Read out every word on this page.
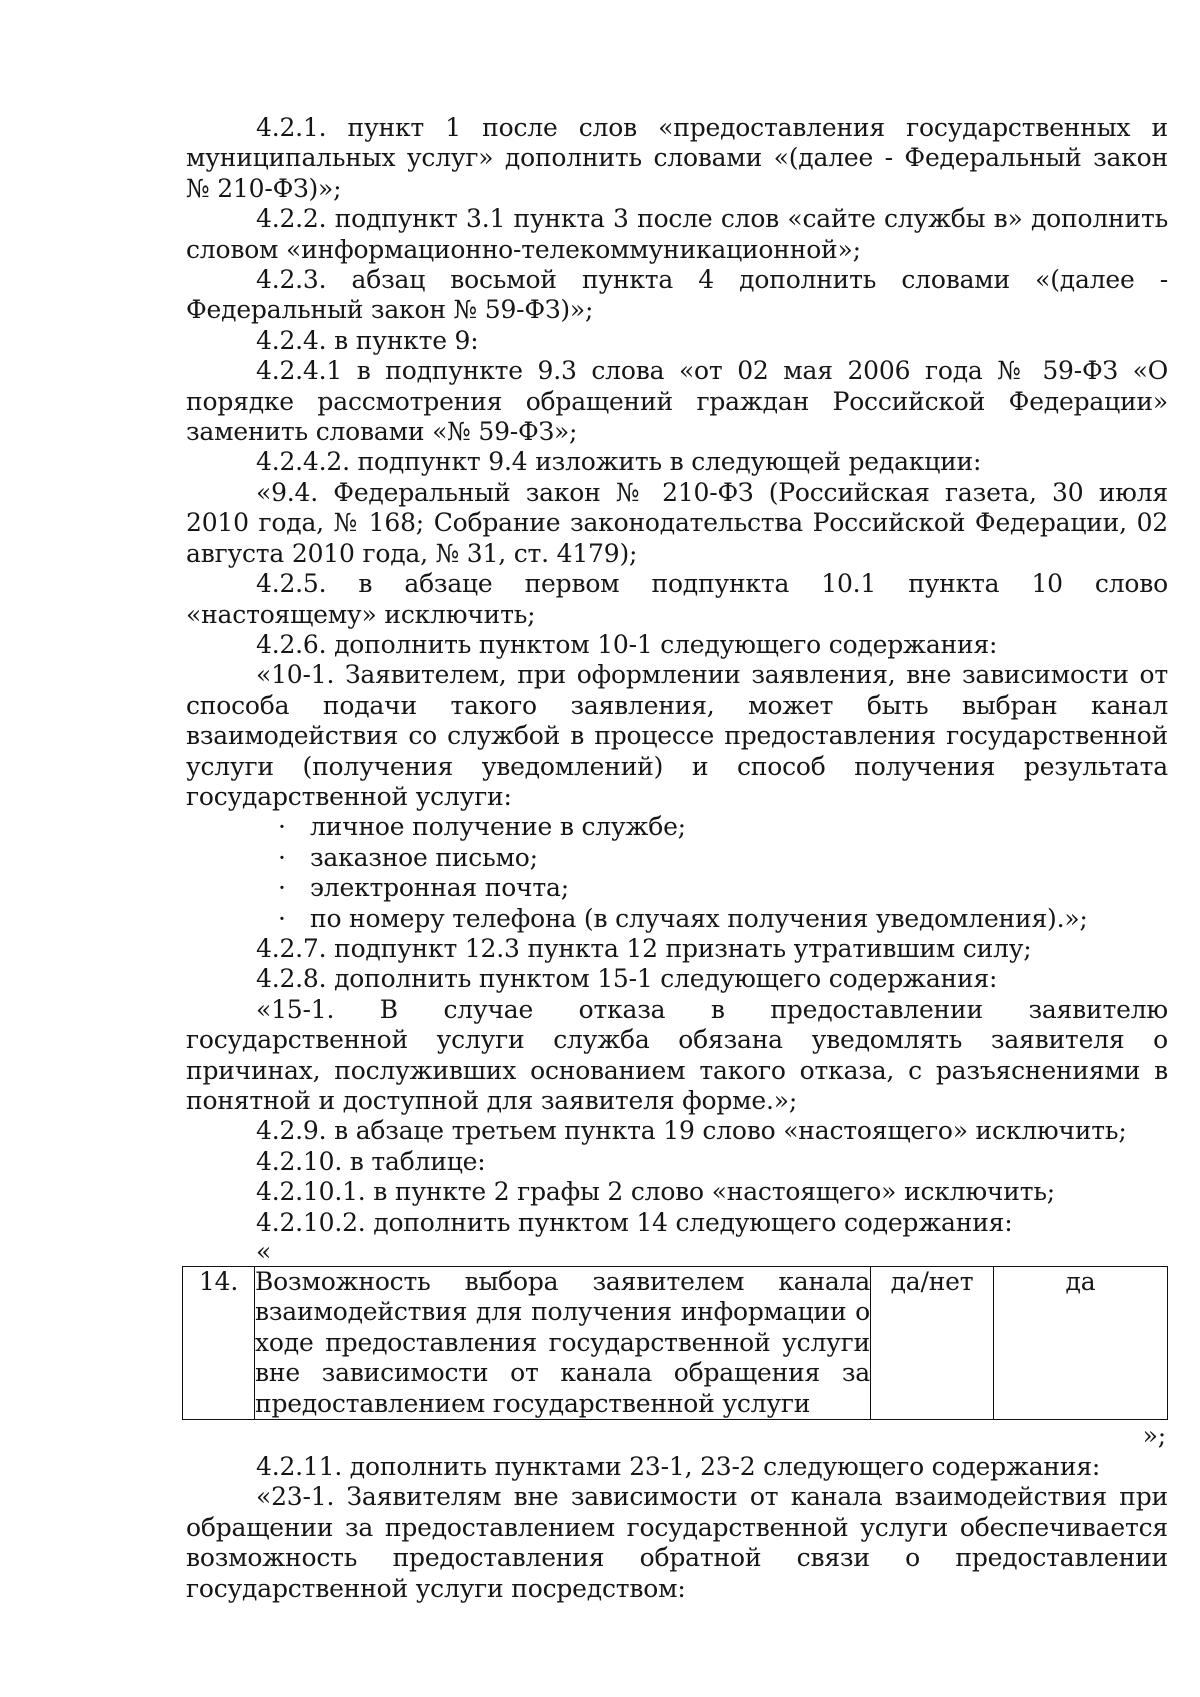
4.2.1. пункт 1 после слов «предоставления государственных и муниципальных услуг» дополнить словами «(далее - Федеральный закон № 210-ФЗ)»;

4.2.2. подпункт 3.1 пункта 3 после слов «сайте службы в» дополнить словом «информационно-телекоммуникационной»;

4.2.3. абзац восьмой пункта 4 дополнить словами «(далее - Федеральный закон № 59-ФЗ)»;

4.2.4. в пункте 9:

4.2.4.1 в подпункте 9.3 слова «от 02 мая 2006 года № 59-ФЗ «О порядке рассмотрения обращений граждан Российской Федерации» заменить словами «№ 59-ФЗ»;

4.2.4.2. подпункт 9.4 изложить в следующей редакции:

«9.4. Федеральный закон № 210-ФЗ (Российская газета, 30 июля 2010 года, № 168; Собрание законодательства Российской Федерации, 02 августа 2010 года, № 31, ст. 4179);

4.2.5. в абзаце первом подпункта 10.1 пункта 10 слово «настоящему» исключить;

4.2.6. дополнить пунктом 10-1 следующего содержания:

«10-1. Заявителем, при оформлении заявления, вне зависимости от способа подачи такого заявления, может быть выбран канал взаимодействия со службой в процессе предоставления государственной услуги (получения уведомлений) и способ получения результата государственной услуги:

· личное получение в службе;
· заказное письмо;
· электронная почта;
· по номеру телефона (в случаях получения уведомления).»;

4.2.7. подпункт 12.3 пункта 12 признать утратившим силу;

4.2.8. дополнить пунктом 15-1 следующего содержания:

«15-1. В случае отказа в предоставлении заявителю государственной услуги служба обязана уведомлять заявителя о причинах, послуживших основанием такого отказа, с разъяснениями в понятной и доступной для заявителя форме.»;

4.2.9. в абзаце третьем пункта 19 слово «настоящего» исключить;

4.2.10. в таблице:

4.2.10.1. в пункте 2 графы 2 слово «настоящего» исключить;

4.2.10.2. дополнить пунктом 14 следующего содержания:

«

14.	Возможность выбора заявителем канала взаимодействия для получения информации о ходе предоставления государственной услуги вне зависимости от канала обращения за предоставлением государственной услуги	да/нет	да

»;

4.2.11. дополнить пунктами 23-1, 23-2 следующего содержания:

«23-1. Заявителям вне зависимости от канала взаимодействия при обращении за предоставлением государственной услуги обеспечивается возможность предоставления обратной связи о предоставлении государственной услуги посредством:
